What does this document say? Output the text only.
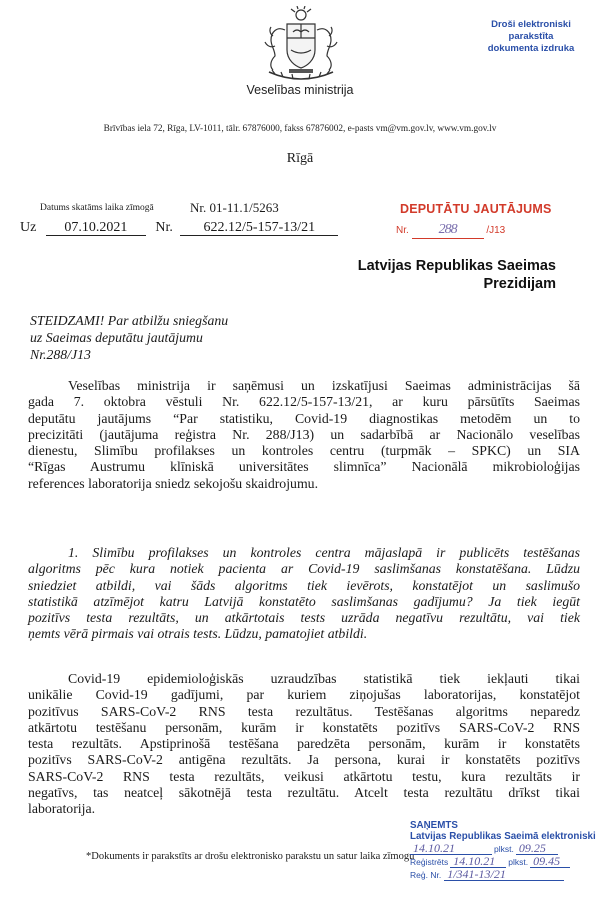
Veselības ministrija
Brīvības iela 72, Rīga, LV-1011, tālr. 67876000, fakss 67876002, e-pasts vm@vm.gov.lv, www.vm.gov.lv
Rīgā
Droši elektroniski parakstīta
dokumenta izdruka
Datums skatāms laika zīmogā	Nr. 01-11.1/5263
Uz 07.10.2021 Nr. 622.12/5-157-13/21
DEPUTĀTU JAUTĀJUMS
Nr. 288	/J13
Latvijas Republikas Saeimas
Prezidijam
STEIDZAMI! Par atbilžu sniegšanu
uz Saeimas deputātu jautājumu
Nr.288/J13
Veselības ministrija ir saņēmusi un izskatījusi Saeimas administrācijas šā
gada 7. oktobra vēstuli Nr. 622.12/5-157-13/21, ar kuru pārsūtīts Saeimas
deputātu jautājums “Par statistiku, Covid-19 diagnostikas metodēm un to
precizitāti (jautājuma reģistra Nr. 288/J13) un sadarbībā ar Nacionālo veselības
dienestu, Slimību profilakses un kontroles centru (turpmāk – SPKC) un SIA
“Rīgas Austrumu klīniskā universitātes slimnīca” Nacionālā mikrobioloģijas
references laboratorija sniedz sekojošu skaidrojumu.
1. Slimību profilakses un kontroles centra mājaslapā ir publicēts testēšanas
algoritms pēc kura notiek pacienta ar Covid-19 saslimšanas konstatēšana. Lūdzu
sniedziet atbildi, vai šāds algoritms tiek ievērots, konstatējot un saslimušo
statistikā atzīmējot katru Latvijā konstatēto saslimšanas gadījumu? Ja tiek iegūt
pozitīvs testa rezultāts, un atkārtotais tests uzrāda negatīvu rezultātu, vai tiek
ņemts vērā pirmais vai otrais tests. Lūdzu, pamatojiet atbildi.
Covid-19 epidemioloģiskās uzraudzības statistikā tiek iekļauti tikai
unikālie Covid-19 gadījumi, par kuriem ziņojušas laboratorijas, konstatējot
pozitīvus SARS-CoV-2 RNS testa rezultātus. Testēšanas algoritms neparedz
atkārtotu testēšanu personām, kurām ir konstatēts pozitīvs SARS-CoV-2 RNS
testa rezultāts. Apstiprinošā testēšana paredzēta personām, kurām ir konstatēts
pozitīvs SARS-CoV-2 antigēna rezultāts. Ja persona, kurai ir konstatēts pozitīvs
SARS-CoV-2 RNS testa rezultāts, veikusi atkārtotu testu, kura rezultāts ir
negatīvs, tas neatceļ sākotnējā testa rezultātu. Atcelt testa rezultātu drīkst tikai
laboratorija.
*Dokuments ir parakstīts ar drošu elektronisko parakstu un satur laika zīmogu
SAŅEMTS
Latvijas Republikas Saeimā elektroniski
14.10.21	plkst. 09.25
Reģistrēts 14.10.21	plkst. 09.45
Reģ. Nr. 1/341-13/21
